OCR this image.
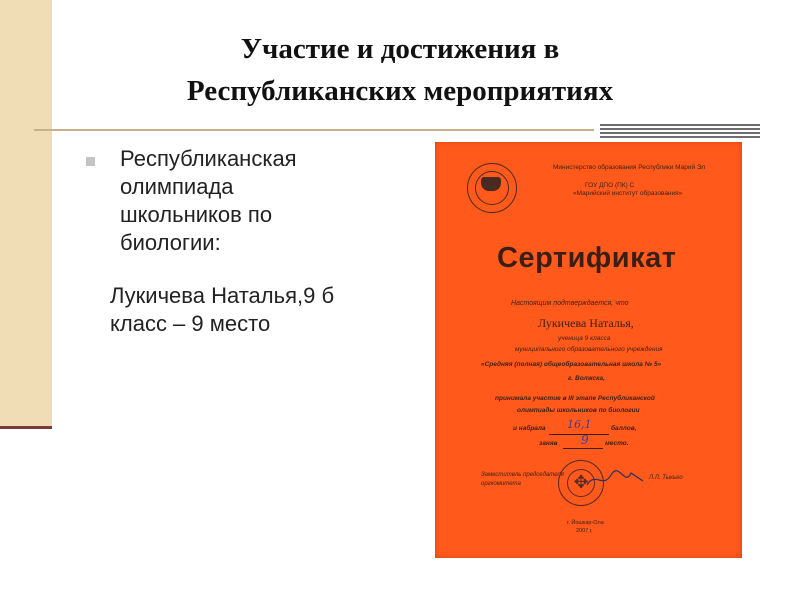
Участие и достижения в
Республиканских мероприятиях
Республиканская
олимпиада
школьников по
биологии:
Лукичева Наталья,9 б
класс – 9 место
Министерство образования Республики Марий Эл
ГОУ ДПО (ПК) С
«Марийский институт образования»
Сертификат
Настоящим подтверждается, что
Лукичева Наталья,
ученица 9 класса
муниципального образовательного учреждения
«Средняя (полная) общеобразовательная школа № 5»
г. Волжска,
принимала участие в III этапе Республиканской
олимпиады школьников по биологии
и набрала 16,1	баллов,
заняв 9	место.
Заместитель председателя
оргкомитета	✥	Л.Л. Тыкьео
г. Йошкар-Ола
2007 г.
